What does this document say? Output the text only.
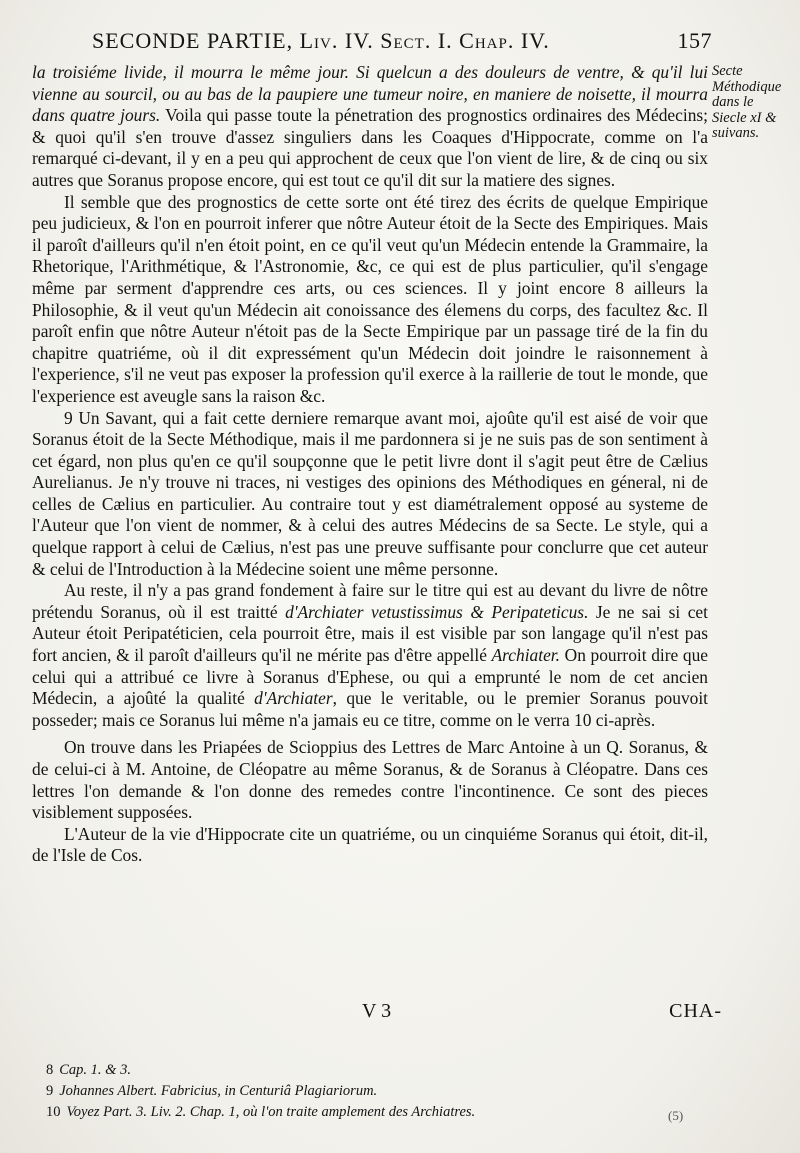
SECONDE PARTIE, Liv. IV. Sect. I. Chap. IV.	157
Secte Méthodique dans le Siecle xI & suivans.

la troisiéme livide, il mourra le même jour. Si quelcun a des douleurs de ventre, & qu'il lui vienne au sourcil, ou au bas de la paupiere une tumeur noire, en maniere de noisette, il mourra dans quatre jours. Voila qui passe toute la pénetration des prognostics ordinaires des Médecins; & quoi qu'il s'en trouve d'assez singuliers dans les Coaques d'Hippocrate, comme on l'a remarqué ci-devant, il y en a peu qui approchent de ceux que l'on vient de lire, & de cinq ou six autres que Soranus propose encore, qui est tout ce qu'il dit sur la matiere des signes.

Il semble que des prognostics de cette sorte ont été tirez des écrits de quelque Empirique peu judicieux, & l'on en pourroit inferer que nôtre Auteur étoit de la Secte des Empiriques. Mais il paroît d'ailleurs qu'il n'en étoit point, en ce qu'il veut qu'un Médecin entende la Grammaire, la Rhetorique, l'Arithmétique, & l'Astronomie, &c, ce qui est de plus particulier, qu'il s'engage même par serment d'apprendre ces arts, ou ces sciences. Il y joint encore 8 ailleurs la Philosophie, & il veut qu'un Médecin ait conoissance des élemens du corps, des facultez &c. Il paroît enfin que nôtre Auteur n'étoit pas de la Secte Empirique par un passage tiré de la fin du chapitre quatriéme, où il dit expressément qu'un Médecin doit joindre le raisonnement à l'experience, s'il ne veut pas exposer la profession qu'il exerce à la raillerie de tout le monde, que l'experience est aveugle sans la raison &c.

9 Un Savant, qui a fait cette derniere remarque avant moi, ajoûte qu'il est aisé de voir que Soranus étoit de la Secte Méthodique, mais il me pardonnera si je ne suis pas de son sentiment à cet égard, non plus qu'en ce qu'il soupçonne que le petit livre dont il s'agit peut être de Cælius Aurelianus. Je n'y trouve ni traces, ni vestiges des opinions des Méthodiques en géneral, ni de celles de Cælius en particulier. Au contraire tout y est diamétralement opposé au systeme de l'Auteur que l'on vient de nommer, & à celui des autres Médecins de sa Secte. Le style, qui a quelque rapport à celui de Cælius, n'est pas une preuve suffisante pour conclurre que cet auteur & celui de l'Introduction à la Médecine soient une même personne.

Au reste, il n'y a pas grand fondement à faire sur le titre qui est au devant du livre de nôtre prétendu Soranus, où il est traitté d'Archiater vetustissimus & Peripateticus. Je ne sai si cet Auteur étoit Peripatéticien, cela pourroit être, mais il est visible par son langage qu'il n'est pas fort ancien, & il paroît d'ailleurs qu'il ne mérite pas d'être appellé Archiater. On pourroit dire que celui qui a attribué ce livre à Soranus d'Ephese, ou qui a emprunté le nom de cet ancien Médecin, a ajoûté la qualité d'Archiater, que le veritable, ou le premier Soranus pouvoit posseder; mais ce Soranus lui même n'a jamais eu ce titre, comme on le verra 10 ci-après.

On trouve dans les Priapées de Scioppius des Lettres de Marc Antoine à un Q. Soranus, & de celui-ci à M. Antoine, de Cléopatre au même Soranus, & de Soranus à Cléopatre. Dans ces lettres l'on demande & l'on donne des remedes contre l'incontinence. Ce sont des pieces visiblement supposées.

L'Auteur de la vie d'Hippocrate cite un quatriéme, ou un cinquiéme Soranus qui étoit, dit-il, de l'Isle de Cos.

V 3	CHA-
8 Cap. 1. & 3.
9 Johannes Albert. Fabricius, in Centuriâ Plagiariorum.
10 Voyez Part. 3. Liv. 2. Chap. 1, où l'on traite amplement des Archiatres.	(5)
